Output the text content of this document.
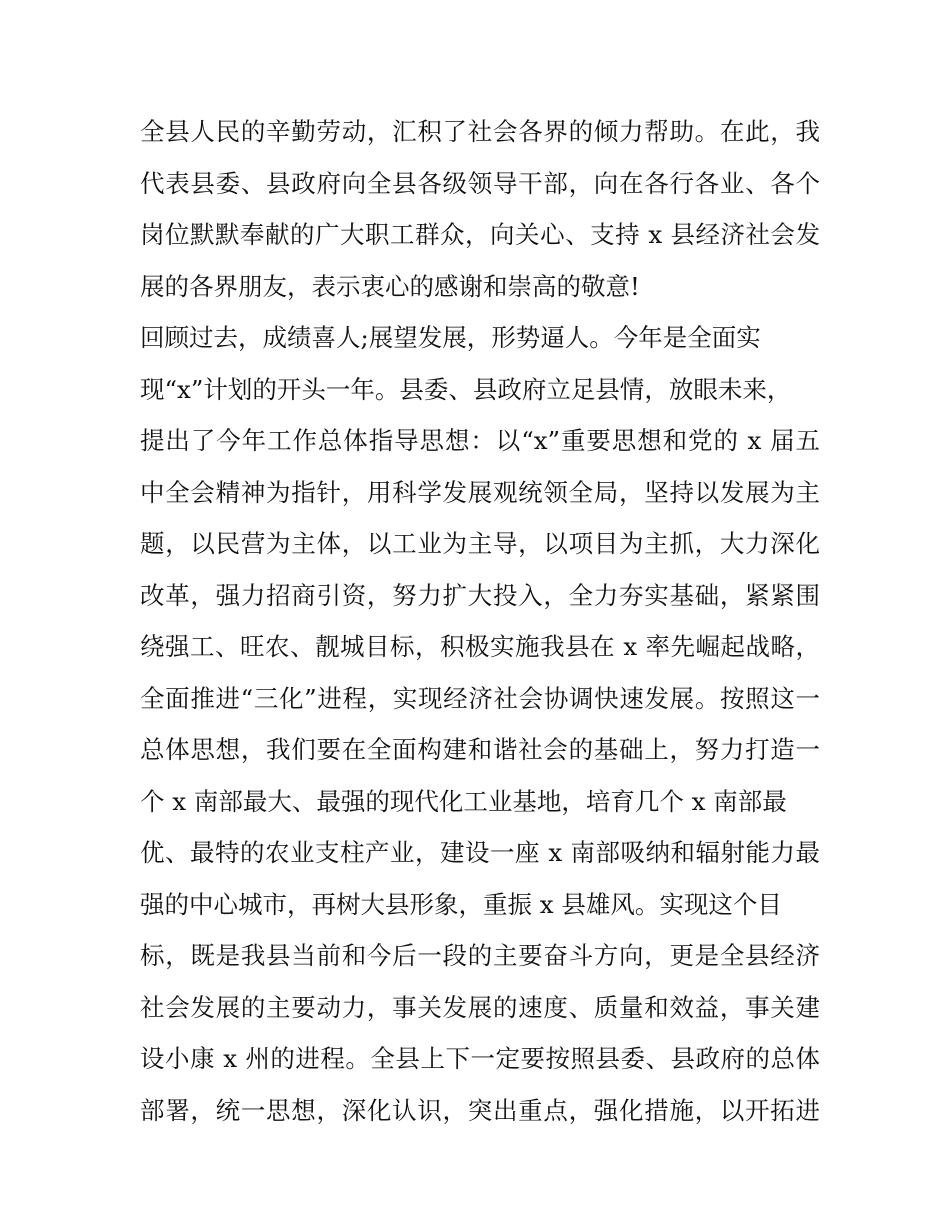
全县人民的辛勤劳动，汇积了社会各界的倾力帮助。在此，我
代表县委、县政府向全县各级领导干部，向在各行各业、各个
岗位默默奉献的广大职工群众，向关心、支持 x 县经济社会发
展的各界朋友，表示衷心的感谢和崇高的敬意!
回顾过去，成绩喜人;展望发展，形势逼人。今年是全面实
现“x”计划的开头一年。县委、县政府立足县情，放眼未来，
提出了今年工作总体指导思想：以“x”重要思想和党的 x 届五
中全会精神为指针，用科学发展观统领全局，坚持以发展为主
题，以民营为主体，以工业为主导，以项目为主抓，大力深化
改革，强力招商引资，努力扩大投入，全力夯实基础，紧紧围
绕强工、旺农、靓城目标，积极实施我县在 x 率先崛起战略，
全面推进“三化”进程，实现经济社会协调快速发展。按照这一
总体思想，我们要在全面构建和谐社会的基础上，努力打造一
个 x 南部最大、最强的现代化工业基地，培育几个 x 南部最
优、最特的农业支柱产业，建设一座 x 南部吸纳和辐射能力最
强的中心城市，再树大县形象，重振 x 县雄风。实现这个目
标，既是我县当前和今后一段的主要奋斗方向，更是全县经济
社会发展的主要动力，事关发展的速度、质量和效益，事关建
设小康 x 州的进程。全县上下一定要按照县委、县政府的总体
部署，统一思想，深化认识，突出重点，强化措施，以开拓进
